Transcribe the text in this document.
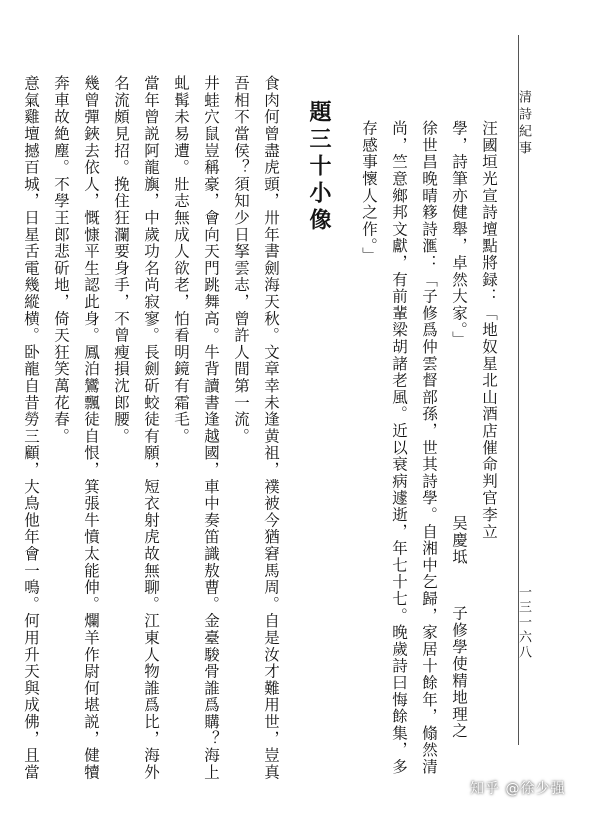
清詩紀事
一三一六八
汪國垣光宣詩壇點將録：「地奴星北山酒店催命判官李立
學，詩筆亦健舉，卓然大家。」
吴慶坻
子修學使精地理之
徐世昌晚晴簃詩滙：「子修爲仲雲督部孫，世其詩學。自湘中乞歸，家居十餘年，翛然清
尚，竺意鄉邦文獻，有前輩梁胡諸老風。近以衰病遽逝，年七十七。晚歲詩曰悔餘集，多
存感事懷人之作。」
題三十小像
食肉何曾盡虎頭，卅年書劍海天秋。文章幸未逢黄祖，襆被今猶窘馬周。自是汝才難用世，豈真
吾相不當侯？須知少日拏雲志，曾許人間第一流。
井蛙穴鼠豈稱豪，會向天門跳舞高。牛背讀書逢越國，車中奏笛識敖曹。金臺駿骨誰爲購？海上
虬髯未易遭。壯志無成人欲老，怕看明鏡有霜毛。
當年曾説阿龍旟，中歲功名尚寂寥。長劍斫蛟徒有願，短衣射虎故無聊。江東人物誰爲比，海外
名流頗見招。挽住狂瀾要身手，不曾瘦損沈郎腰。
幾曾彈鋏去依人，慨慷平生認此身。鳳泊鸞飄徒自恨，箕張牛憤太能伸。爛羊作尉何堪説，健犢
奔車故絶塵。不學王郎悲斫地，倚天狂笑萬花春。
意氣雞壇撼百城，日星舌電幾縱横。卧龍自昔勞三顧，大鳥他年會一鳴。何用升天與成佛，且當
知乎 @徐少强
